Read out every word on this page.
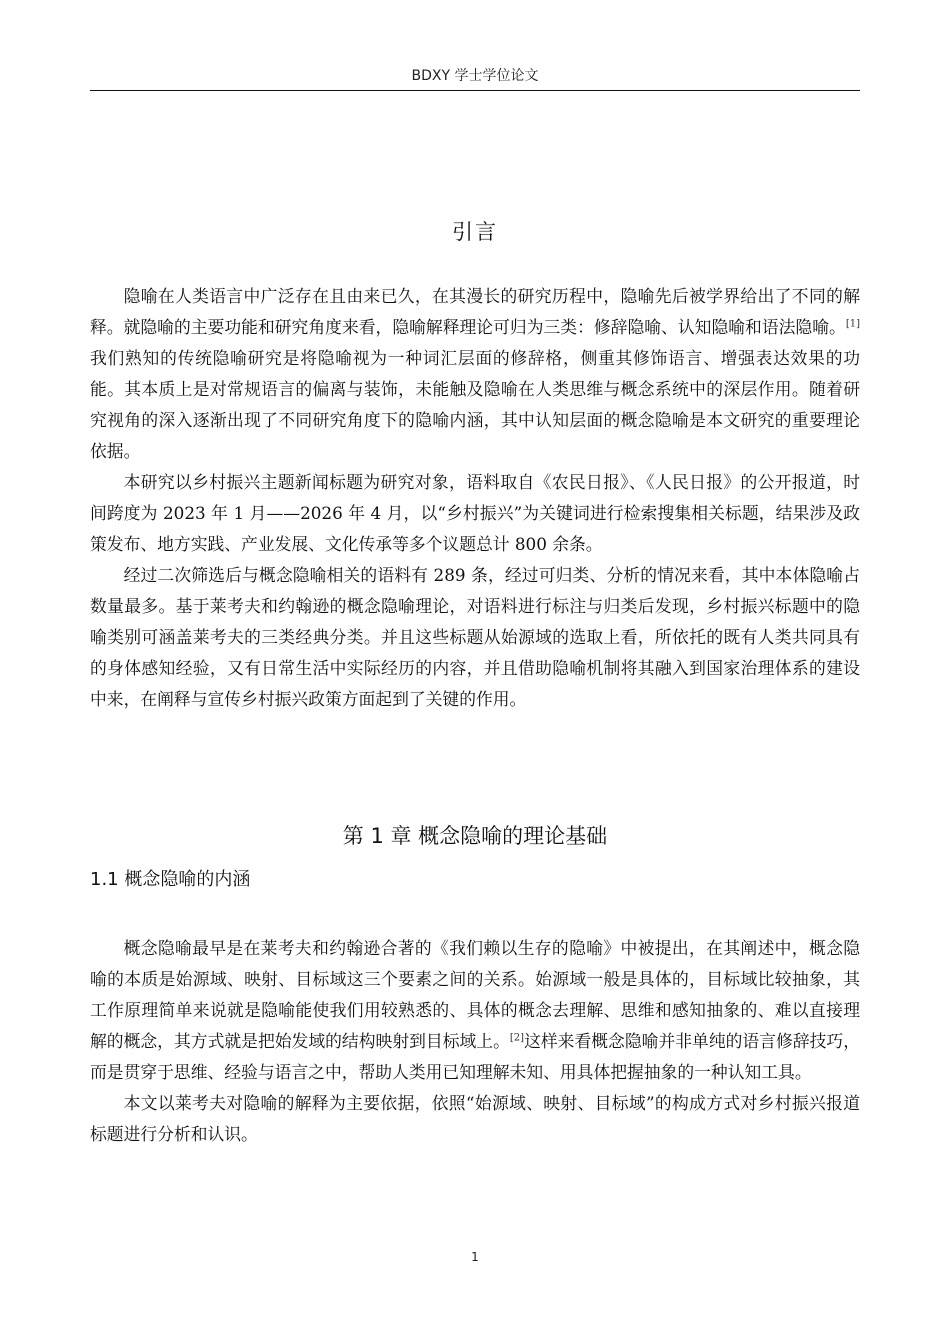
BDXY 学士学位论文
引言

隐喻在人类语言中广泛存在且由来已久，在其漫长的研究历程中，隐喻先后被学界给出了不同的解释。就隐喻的主要功能和研究角度来看，隐喻解释理论可归为三类：修辞隐喻、认知隐喻和语法隐喻。[1]我们熟知的传统隐喻研究是将隐喻视为一种词汇层面的修辞格，侧重其修饰语言、增强表达效果的功能。其本质上是对常规语言的偏离与装饰，未能触及隐喻在人类思维与概念系统中的深层作用。随着研究视角的深入逐渐出现了不同研究角度下的隐喻内涵，其中认知层面的概念隐喻是本文研究的重要理论依据。

本研究以乡村振兴主题新闻标题为研究对象，语料取自《农民日报》、《人民日报》的公开报道，时间跨度为 2023 年 1 月——2026 年 4 月，以“乡村振兴”为关键词进行检索搜集相关标题，结果涉及政策发布、地方实践、产业发展、文化传承等多个议题总计 800 余条。

经过二次筛选后与概念隐喻相关的语料有 289 条，经过可归类、分析的情况来看，其中本体隐喻占数量最多。基于莱考夫和约翰逊的概念隐喻理论，对语料进行标注与归类后发现，乡村振兴标题中的隐喻类别可涵盖莱考夫的三类经典分类。并且这些标题从始源域的选取上看，所依托的既有人类共同具有的身体感知经验，又有日常生活中实际经历的内容，并且借助隐喻机制将其融入到国家治理体系的建设中来，在阐释与宣传乡村振兴政策方面起到了关键的作用。

第 1 章 概念隐喻的理论基础
1.1 概念隐喻的内涵

概念隐喻最早是在莱考夫和约翰逊合著的《我们赖以生存的隐喻》中被提出，在其阐述中，概念隐喻的本质是始源域、映射、目标域这三个要素之间的关系。始源域一般是具体的，目标域比较抽象，其工作原理简单来说就是隐喻能使我们用较熟悉的、具体的概念去理解、思维和感知抽象的、难以直接理解的概念，其方式就是把始发域的结构映射到目标域上。[2]这样来看概念隐喻并非单纯的语言修辞技巧，而是贯穿于思维、经验与语言之中，帮助人类用已知理解未知、用具体把握抽象的一种认知工具。

本文以莱考夫对隐喻的解释为主要依据，依照“始源域、映射、目标域”的构成方式对乡村振兴报道标题进行分析和认识。

1
